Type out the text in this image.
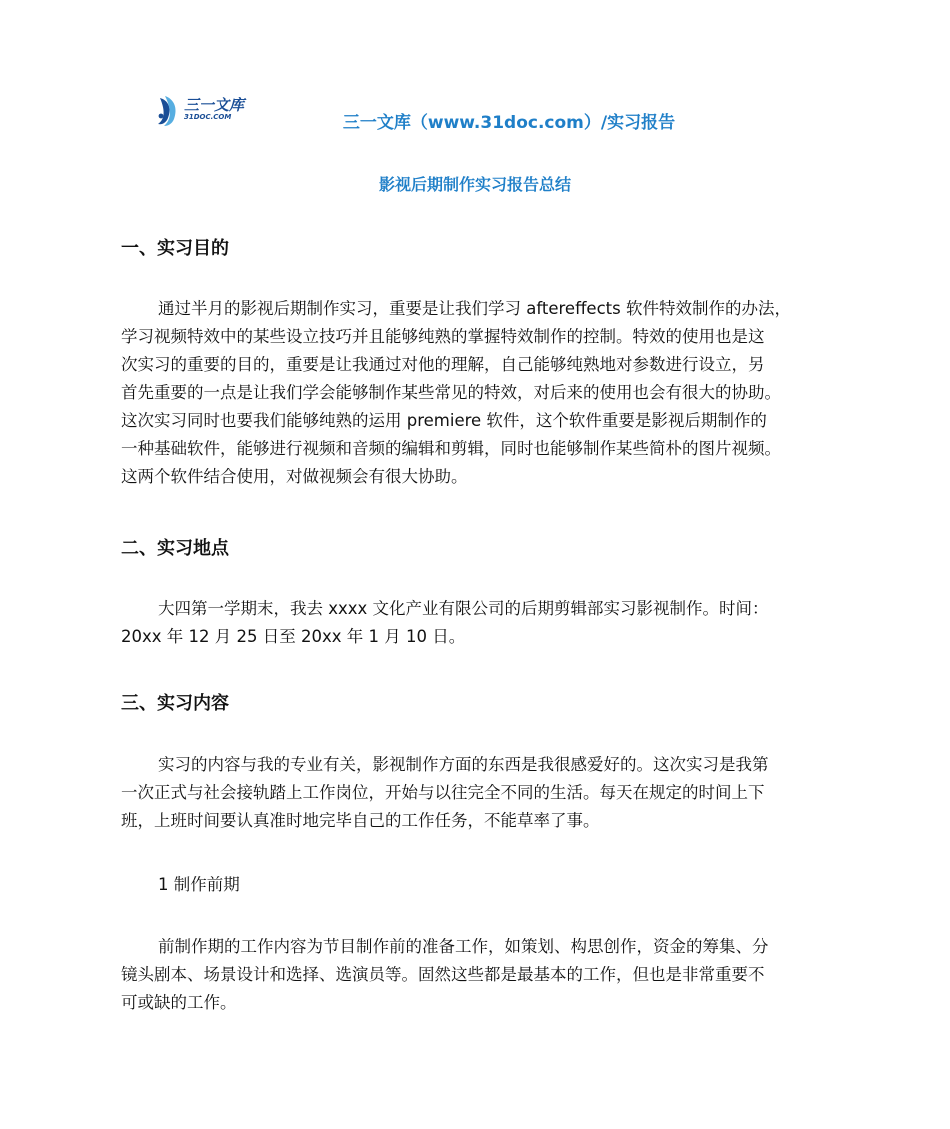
三一文库
31DOC.COM	三一文库（www.31doc.com）/实习报告
影视后期制作实习报告总结
一、实习目的
通过半月的影视后期制作实习，重要是让我们学习 aftereffects 软件特效制作的办法，
学习视频特效中的某些设立技巧并且能够纯熟的掌握特效制作的控制。特效的使用也是这
次实习的重要的目的，重要是让我通过对他的理解，自己能够纯熟地对参数进行设立，另
首先重要的一点是让我们学会能够制作某些常见的特效，对后来的使用也会有很大的协助。
这次实习同时也要我们能够纯熟的运用 premiere 软件，这个软件重要是影视后期制作的
一种基础软件，能够进行视频和音频的编辑和剪辑，同时也能够制作某些简朴的图片视频。
这两个软件结合使用，对做视频会有很大协助。
二、实习地点
大四第一学期末，我去 xxxx 文化产业有限公司的后期剪辑部实习影视制作。时间：
20xx 年 12 月 25 日至 20xx 年 1 月 10 日。
三、实习内容
实习的内容与我的专业有关，影视制作方面的东西是我很感爱好的。这次实习是我第
一次正式与社会接轨踏上工作岗位，开始与以往完全不同的生活。每天在规定的时间上下
班，上班时间要认真准时地完毕自己的工作任务，不能草率了事。
1 制作前期
前制作期的工作内容为节目制作前的准备工作，如策划、构思创作，资金的筹集、分
镜头剧本、场景设计和选择、选演员等。固然这些都是最基本的工作，但也是非常重要不
可或缺的工作。
